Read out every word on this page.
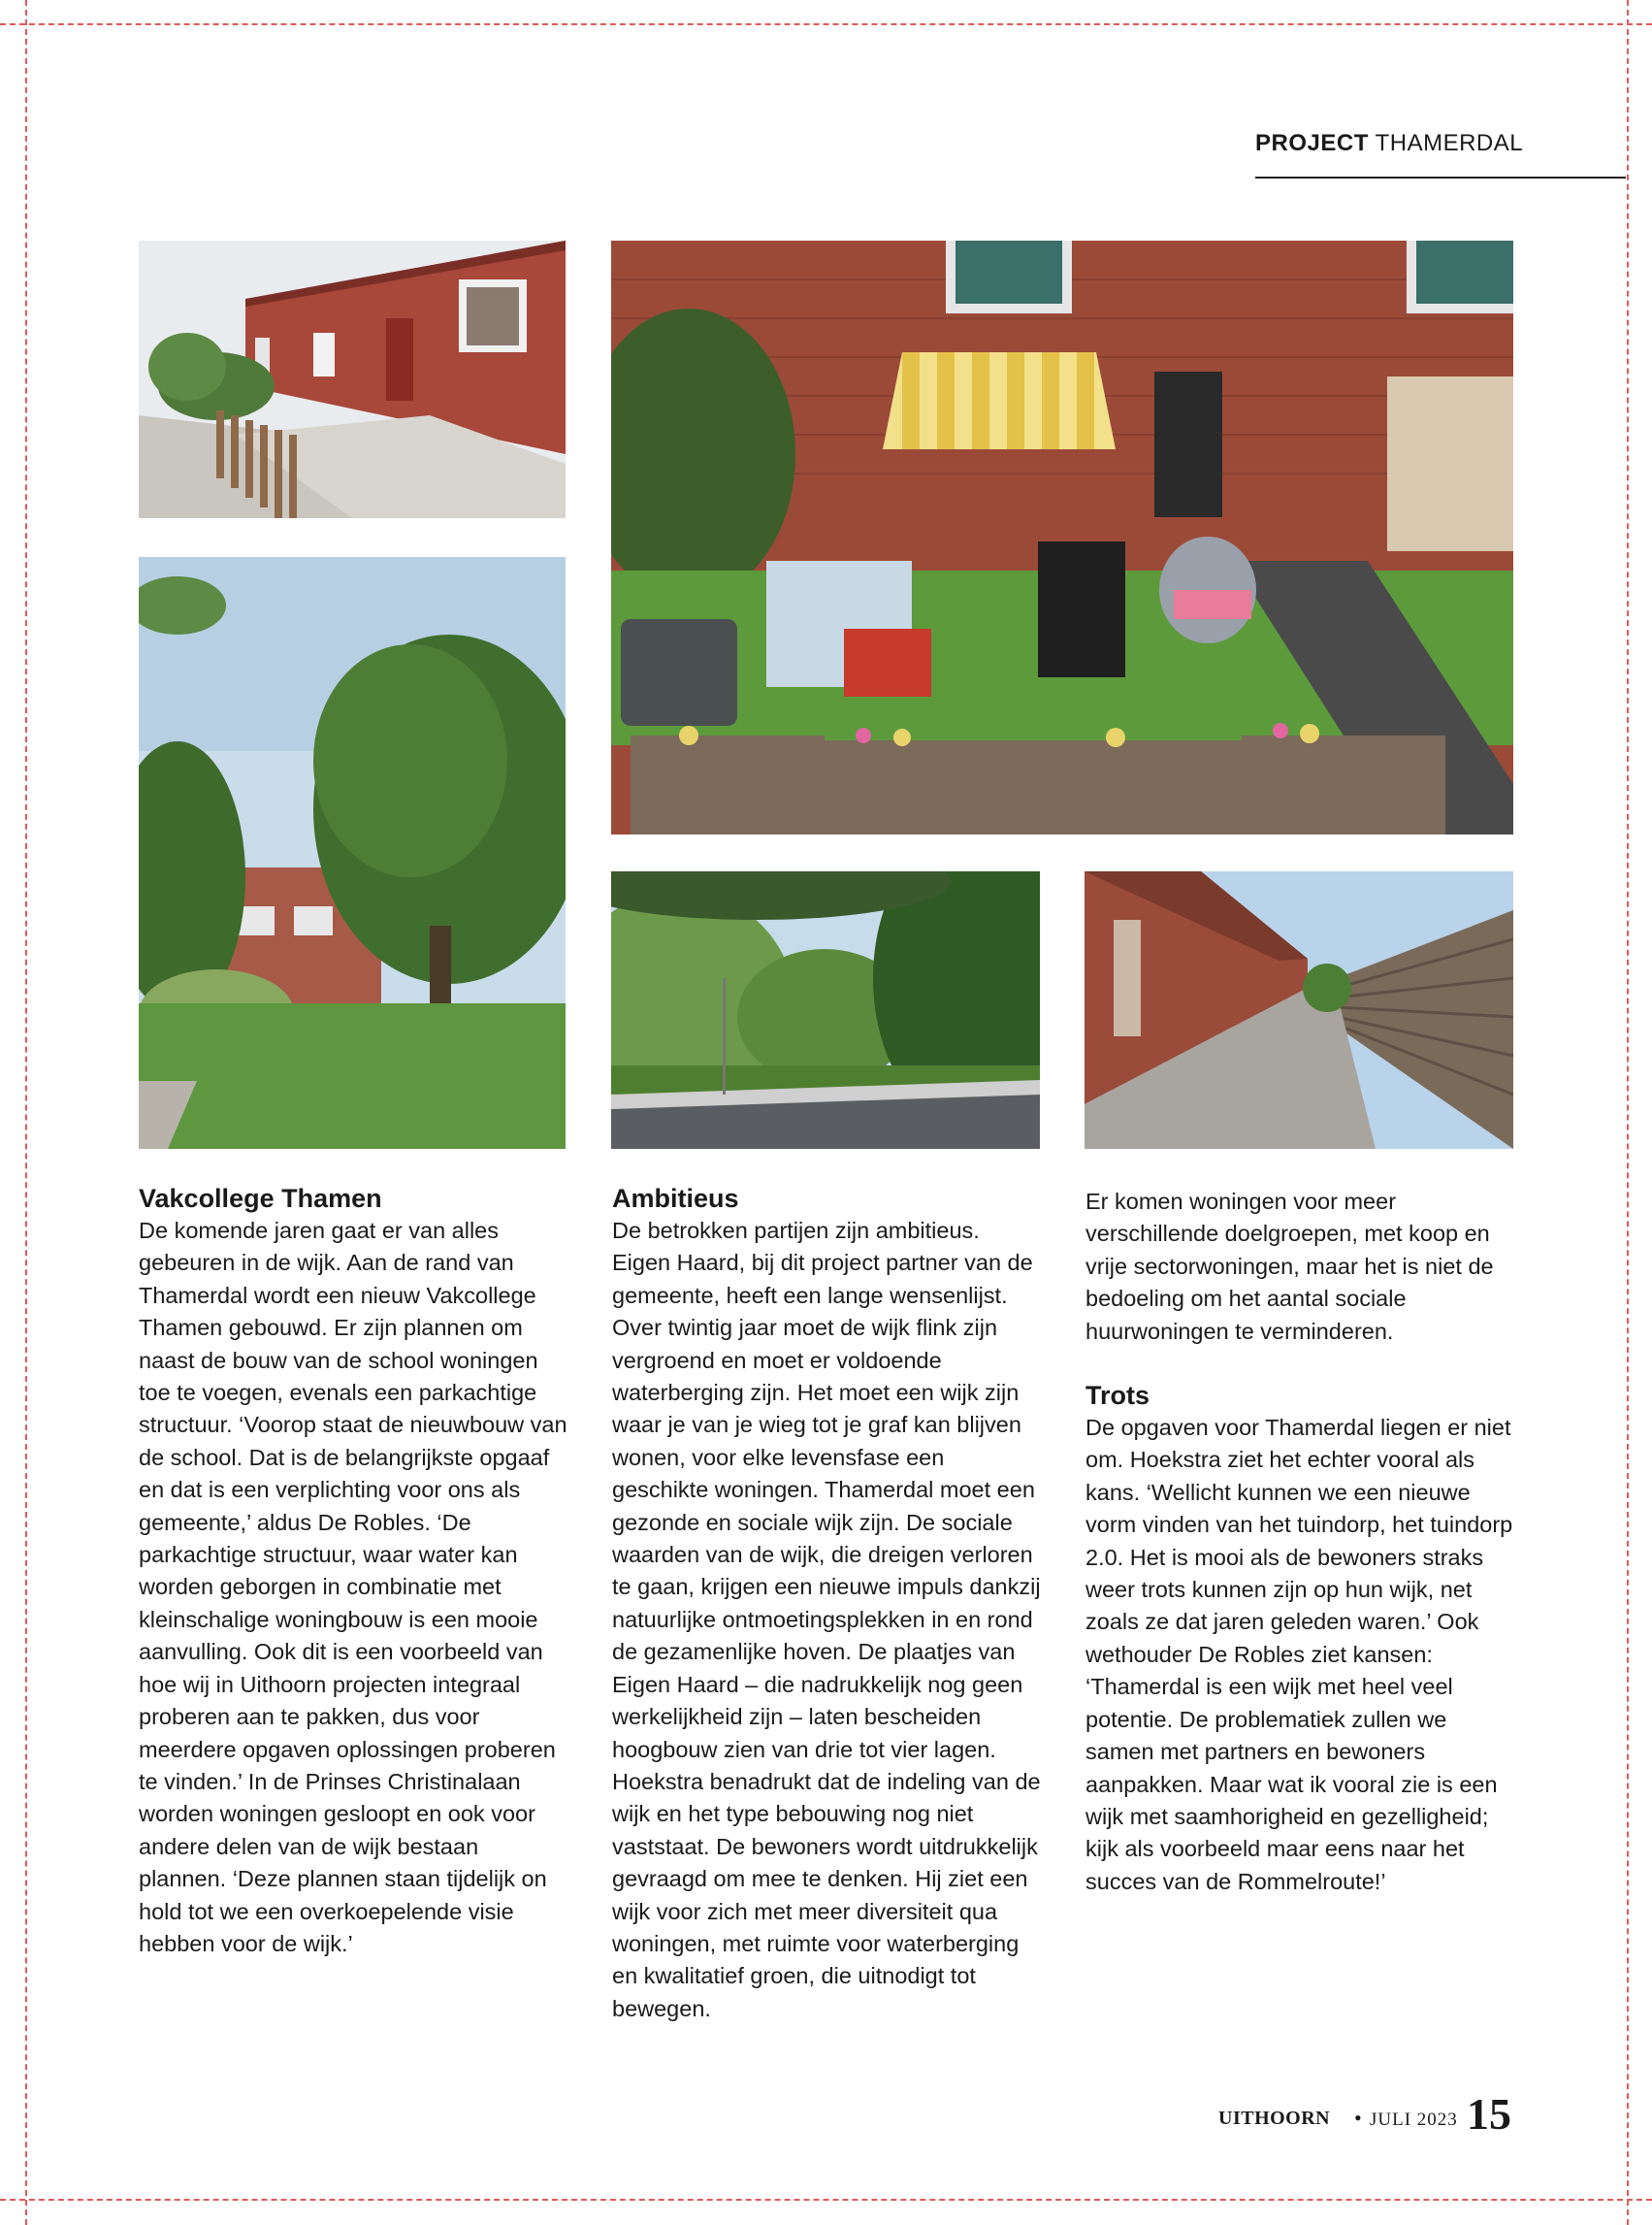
PROJECT THAMERDAL
Vakcollege Thamen

De komende jaren gaat er van alles gebeuren in de wijk. Aan de rand van Thamerdal wordt een nieuw Vakcollege Thamen gebouwd. Er zijn plannen om naast de bouw van de school woningen toe te voegen, evenals een parkachtige structuur. ‘Voorop staat de nieuwbouw van de school. Dat is de belangrijkste opgaaf en dat is een verplichting voor ons als gemeente,’ aldus De Robles. ‘De parkachtige structuur, waar water kan worden geborgen in combinatie met kleinschalige woningbouw is een mooie aanvulling. Ook dit is een voorbeeld van hoe wij in Uithoorn projecten integraal proberen aan te pakken, dus voor meerdere opgaven oplossingen proberen te vinden.’ In de Prinses Christinalaan worden woningen gesloopt en ook voor andere delen van de wijk bestaan plannen. ‘Deze plannen staan tijdelijk on hold tot we een overkoepelende visie hebben voor de wijk.’

Ambitieus

De betrokken partijen zijn ambitieus. Eigen Haard, bij dit project partner van de gemeente, heeft een lange wensenlijst. Over twintig jaar moet de wijk flink zijn vergroend en moet er voldoende waterberging zijn. Het moet een wijk zijn waar je van je wieg tot je graf kan blijven wonen, voor elke levensfase een geschikte woningen. Thamerdal moet een gezonde en sociale wijk zijn. De sociale waarden van de wijk, die dreigen verloren te gaan, krijgen een nieuwe impuls dankzij natuurlijke ontmoetingsplekken in en rond de gezamenlijke hoven. De plaatjes van Eigen Haard – die nadrukkelijk nog geen werkelijkheid zijn – laten bescheiden hoogbouw zien van drie tot vier lagen. Hoekstra benadrukt dat de indeling van de wijk en het type bebouwing nog niet vaststaat. De bewoners wordt uitdrukkelijk gevraagd om mee te denken. Hij ziet een wijk voor zich met meer diversiteit qua woningen, met ruimte voor waterberging en kwalitatief groen, die uitnodigt tot bewegen.

Er komen woningen voor meer verschillende doelgroepen, met koop en vrije sectorwoningen, maar het is niet de bedoeling om het aantal sociale huurwoningen te verminderen.

Trots

De opgaven voor Thamerdal liegen er niet om. Hoekstra ziet het echter vooral als kans. ‘Wellicht kunnen we een nieuwe vorm vinden van het tuindorp, het tuindorp 2.0. Het is mooi als de bewoners straks weer trots kunnen zijn op hun wijk, net zoals ze dat jaren geleden waren.’ Ook wethouder De Robles ziet kansen: ‘Thamerdal is een wijk met heel veel potentie. De problematiek zullen we samen met partners en bewoners aanpakken. Maar wat ik vooral zie is een wijk met saamhorigheid en gezelligheid; kijk als voorbeeld maar eens naar het succes van de Rommelroute!’

UITHOORN • JULI 2023 15
